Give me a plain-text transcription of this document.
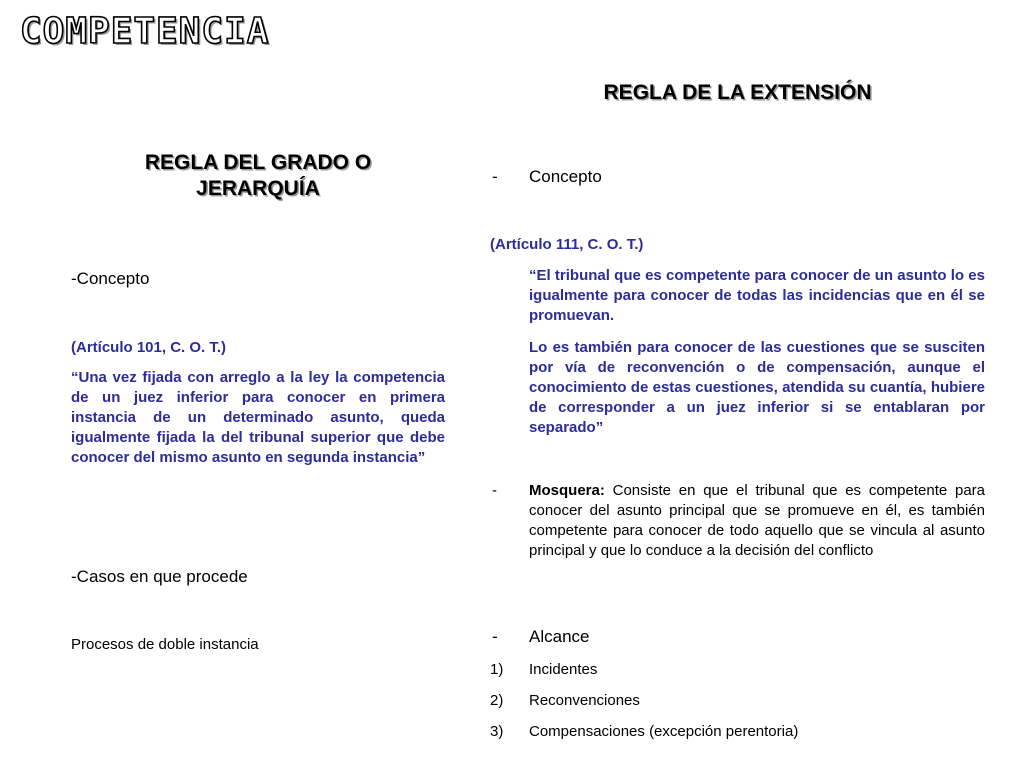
COMPETENCIA
REGLA DEL GRADO O JERARQUÍA
-Concepto
(Artículo 101, C. O. T.)
“Una vez fijada con arreglo a la ley la competencia de un juez inferior para conocer en primera instancia de un determinado asunto, queda igualmente fijada la del tribunal superior que debe conocer del mismo asunto en segunda instancia”
-Casos en que procede
Procesos de doble instancia
REGLA DE LA EXTENSIÓN
- Concepto
(Artículo 111, C. O. T.)
“El tribunal que es competente para conocer de un asunto lo es igualmente para conocer de todas las incidencias que en él se promuevan.
Lo es también para conocer de las cuestiones que se susciten por vía de reconvención o de compensación, aunque el conocimiento de estas cuestiones, atendida su cuantía, hubiere de corresponder a un juez inferior si se entablaran por separado”
- Mosquera: Consiste en que el tribunal que es competente para conocer del asunto principal que se promueve en él, es también competente para conocer de todo aquello que se vincula al asunto principal y que lo conduce a la decisión del conflicto
- Alcance
1) Incidentes
2) Reconvenciones
3) Compensaciones (excepción perentoria)
